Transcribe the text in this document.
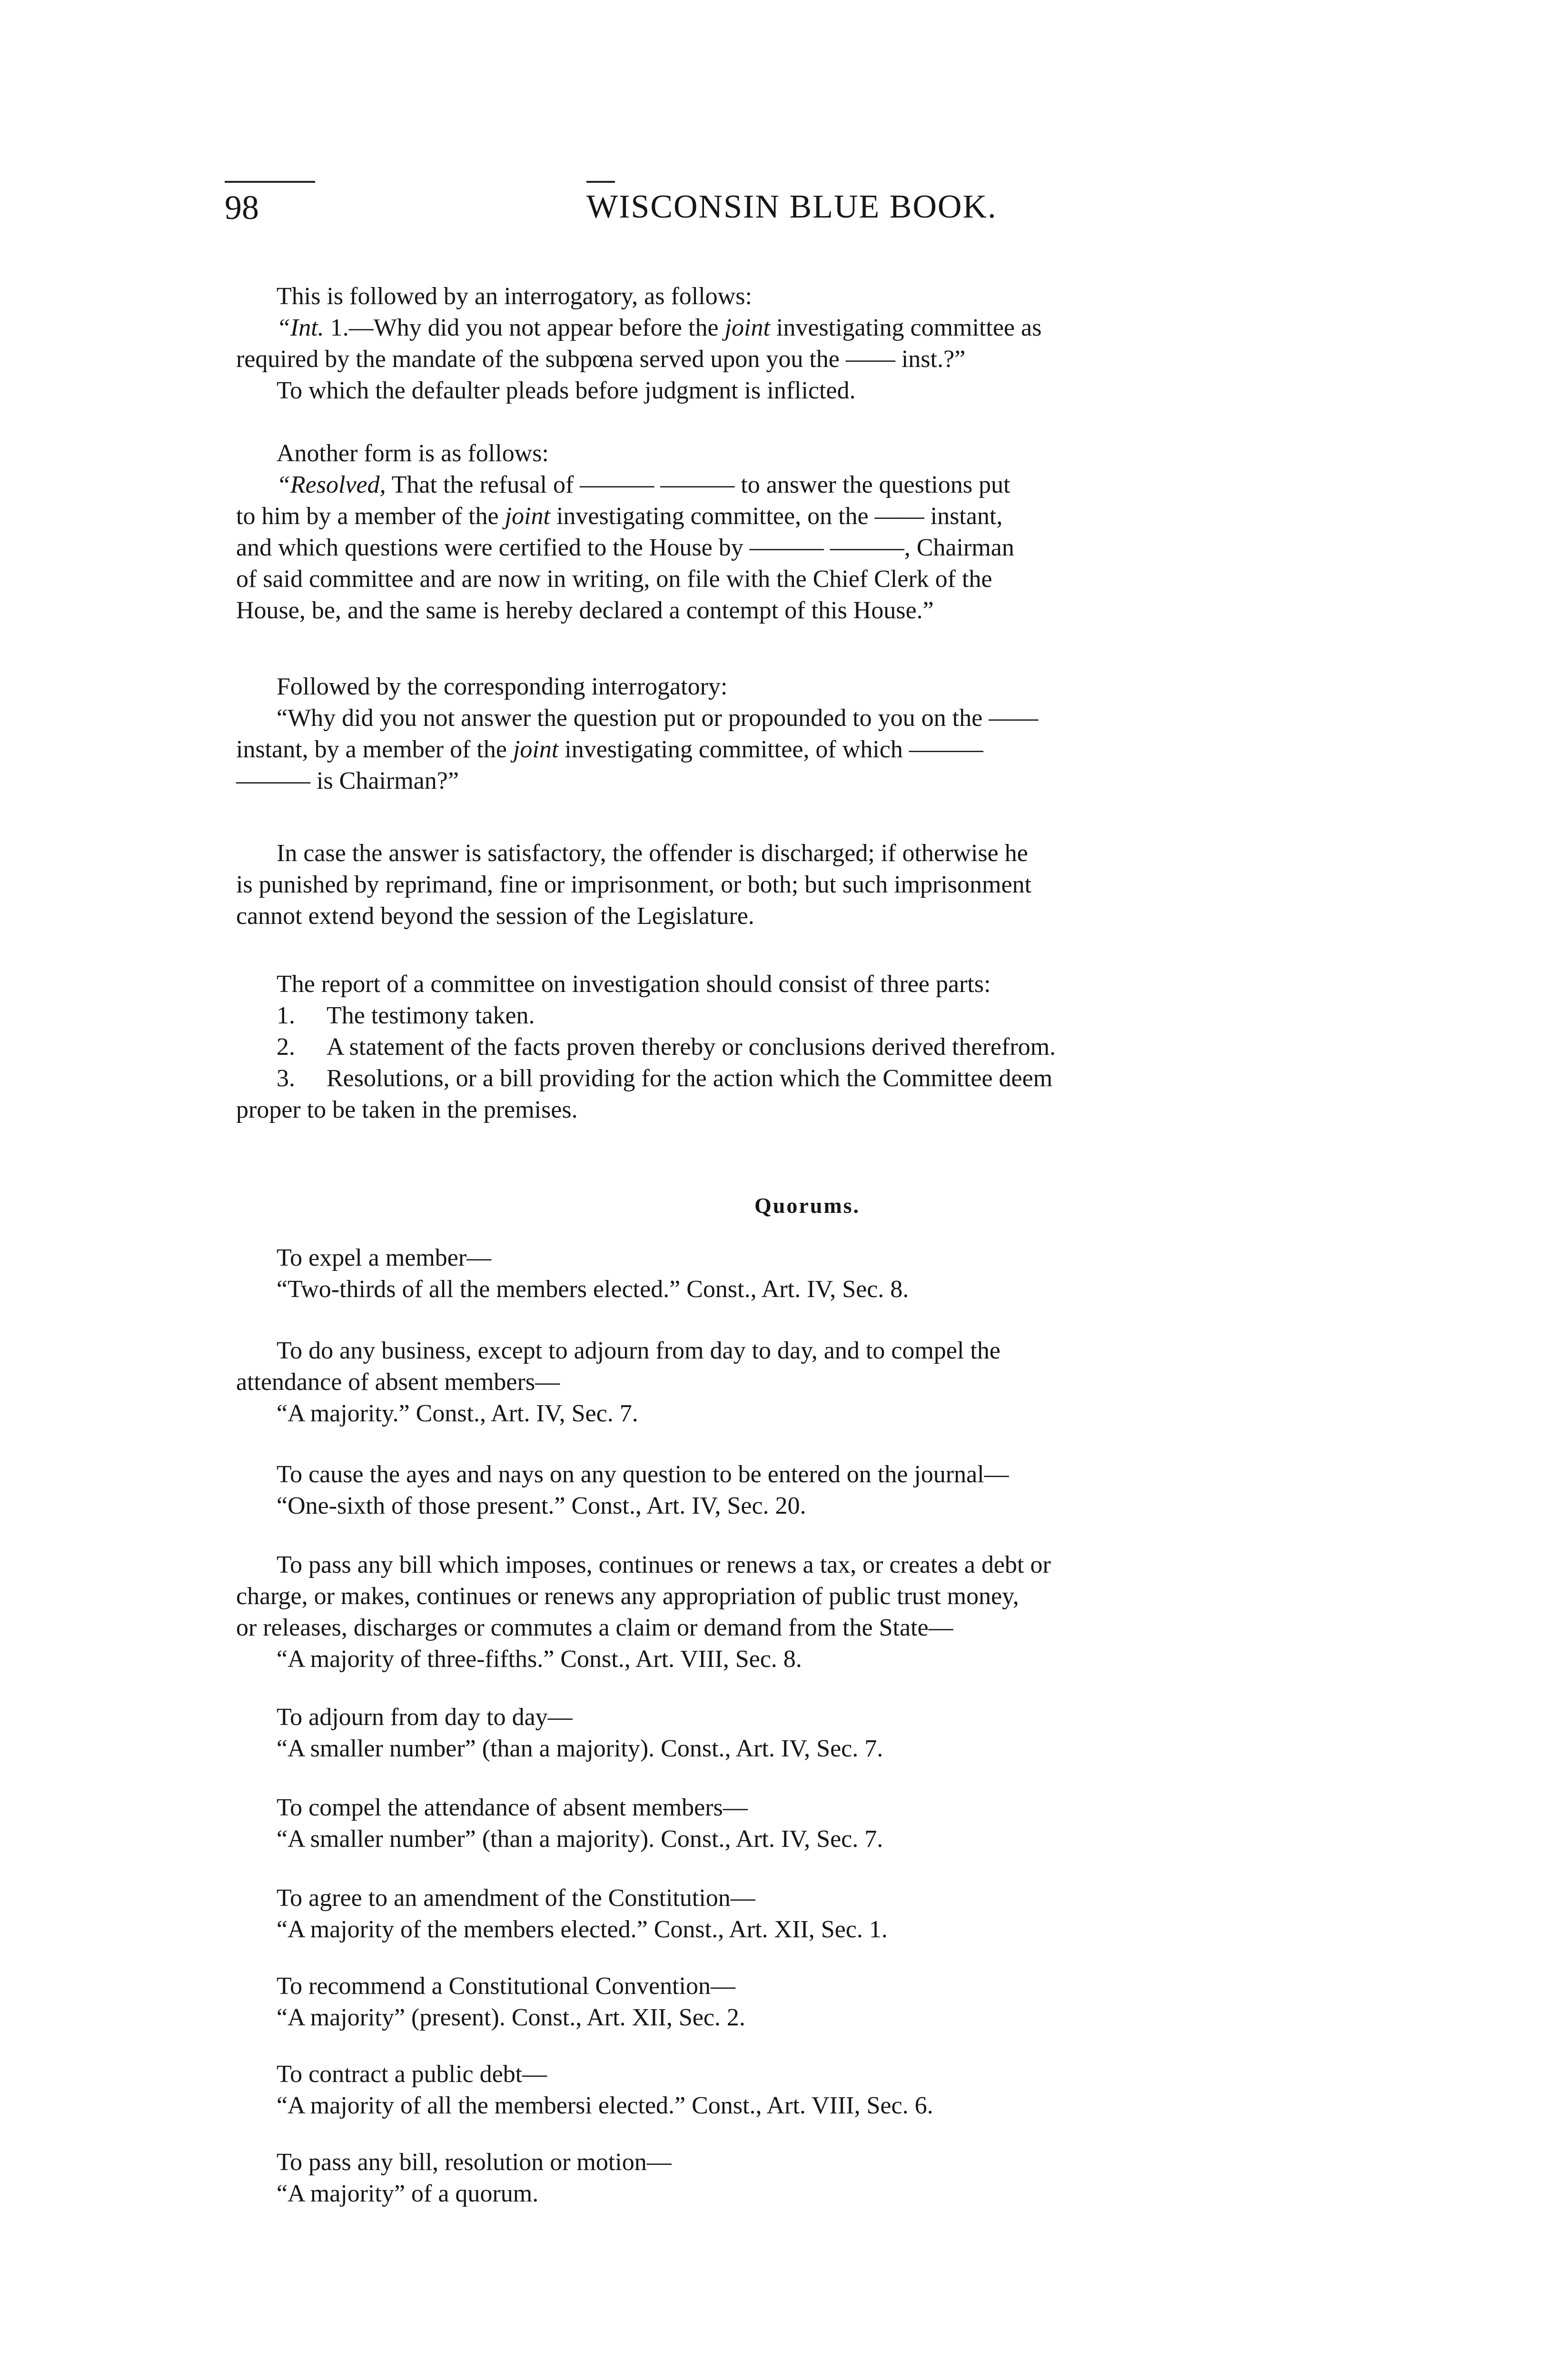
98	WISCONSIN BLUE BOOK.

This is followed by an interrogatory, as follows:

“Int. 1.—Why did you not appear before the joint investigating committee as

required by the mandate of the subpœna served upon you the —— inst.?”

To which the defaulter pleads before judgment is inflicted.

Another form is as follows:

“Resolved, That the refusal of ——— ——— to answer the questions put

to him by a member of the joint investigating committee, on the —— instant,

and which questions were certified to the House by ——— ———, Chairman

of said committee and are now in writing, on file with the Chief Clerk of the

House, be, and the same is hereby declared a contempt of this House.”

Followed by the corresponding interrogatory:

“Why did you not answer the question put or propounded to you on the ——

instant, by a member of the joint investigating committee, of which ———

——— is Chairman?”

In case the answer is satisfactory, the offender is discharged; if otherwise he

is punished by reprimand, fine or imprisonment, or both; but such imprisonment

cannot extend beyond the session of the Legislature.

The report of a committee on investigation should consist of three parts:

1. The testimony taken.

2. A statement of the facts proven thereby or conclusions derived therefrom.

3. Resolutions, or a bill providing for the action which the Committee deem

proper to be taken in the premises.

Quorums.

To expel a member—

“Two-thirds of all the members elected.” Const., Art. IV, Sec. 8.

To do any business, except to adjourn from day to day, and to compel the

attendance of absent members—

“A majority.” Const., Art. IV, Sec. 7.

To cause the ayes and nays on any question to be entered on the journal—

“One-sixth of those present.” Const., Art. IV, Sec. 20.

To pass any bill which imposes, continues or renews a tax, or creates a debt or

charge, or makes, continues or renews any appropriation of public trust money,

or releases, discharges or commutes a claim or demand from the State—

“A majority of three-fifths.” Const., Art. VIII, Sec. 8.

To adjourn from day to day—

“A smaller number” (than a majority). Const., Art. IV, Sec. 7.

To compel the attendance of absent members—

“A smaller number” (than a majority). Const., Art. IV, Sec. 7.

To agree to an amendment of the Constitution—

“A majority of the members elected.” Const., Art. XII, Sec. 1.

To recommend a Constitutional Convention—

“A majority” (present). Const., Art. XII, Sec. 2.

To contract a public debt—

“A majority of all the membersi elected.” Const., Art. VIII, Sec. 6.

To pass any bill, resolution or motion—

“A majority” of a quorum.
